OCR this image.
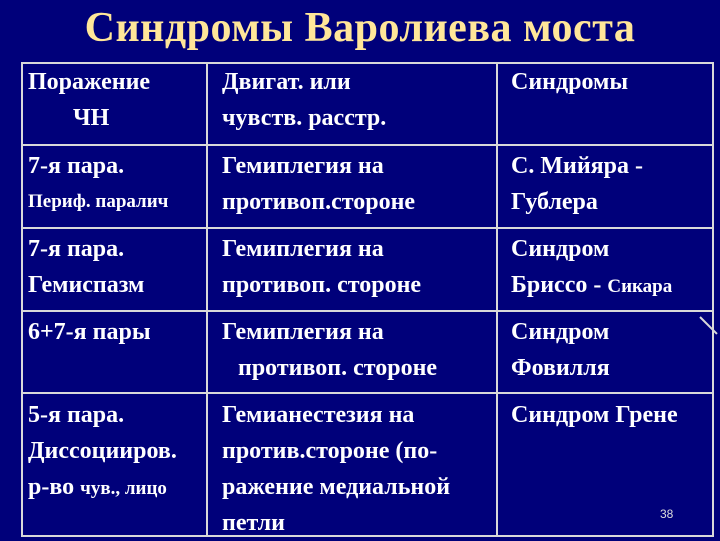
Синдромы Варолиева моста
Поражение
ЧН
Двигат. или
чувств. расстр.
Синдромы
7-я пара.
Периф. паралич
Гемиплегия на
противоп.стороне
С. Мийяра -
Гублера
7-я пара.
Гемиспазм
Гемиплегия на
противоп. стороне
Синдром
Бриссо - Сикара
6+7-я пары	Гемиплегия на
противоп. стороне
Синдром
Фовилля
5-я пара.
Диссоцииров.
р-во чув., лицо
Гемианестезия на
против.стороне (по-
ражение медиальной
петли
Синдром Грене
38
